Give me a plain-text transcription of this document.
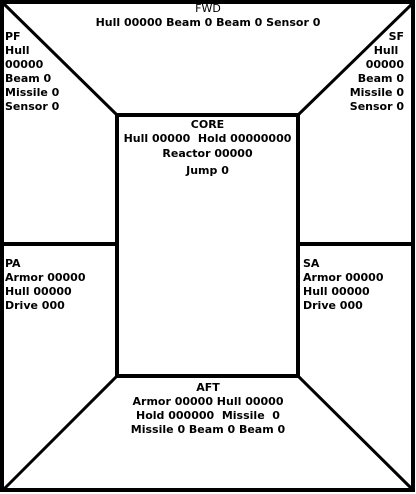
FWD
Hull 00000 Beam 0 Beam 0 Sensor 0
PF
Hull
00000
Beam 0
Missile 0
Sensor 0
SF
Hull
00000
Beam 0
Missile 0
Sensor 0
CORE
Hull 00000  Hold 00000000
Reactor 00000
Jump 0
PA
Armor 00000
Hull 00000
Drive 000
SA
Armor 00000
Hull 00000
Drive 000
AFT
Armor 00000 Hull 00000
Hold 000000  Missile  0
Missile 0 Beam 0 Beam 0
